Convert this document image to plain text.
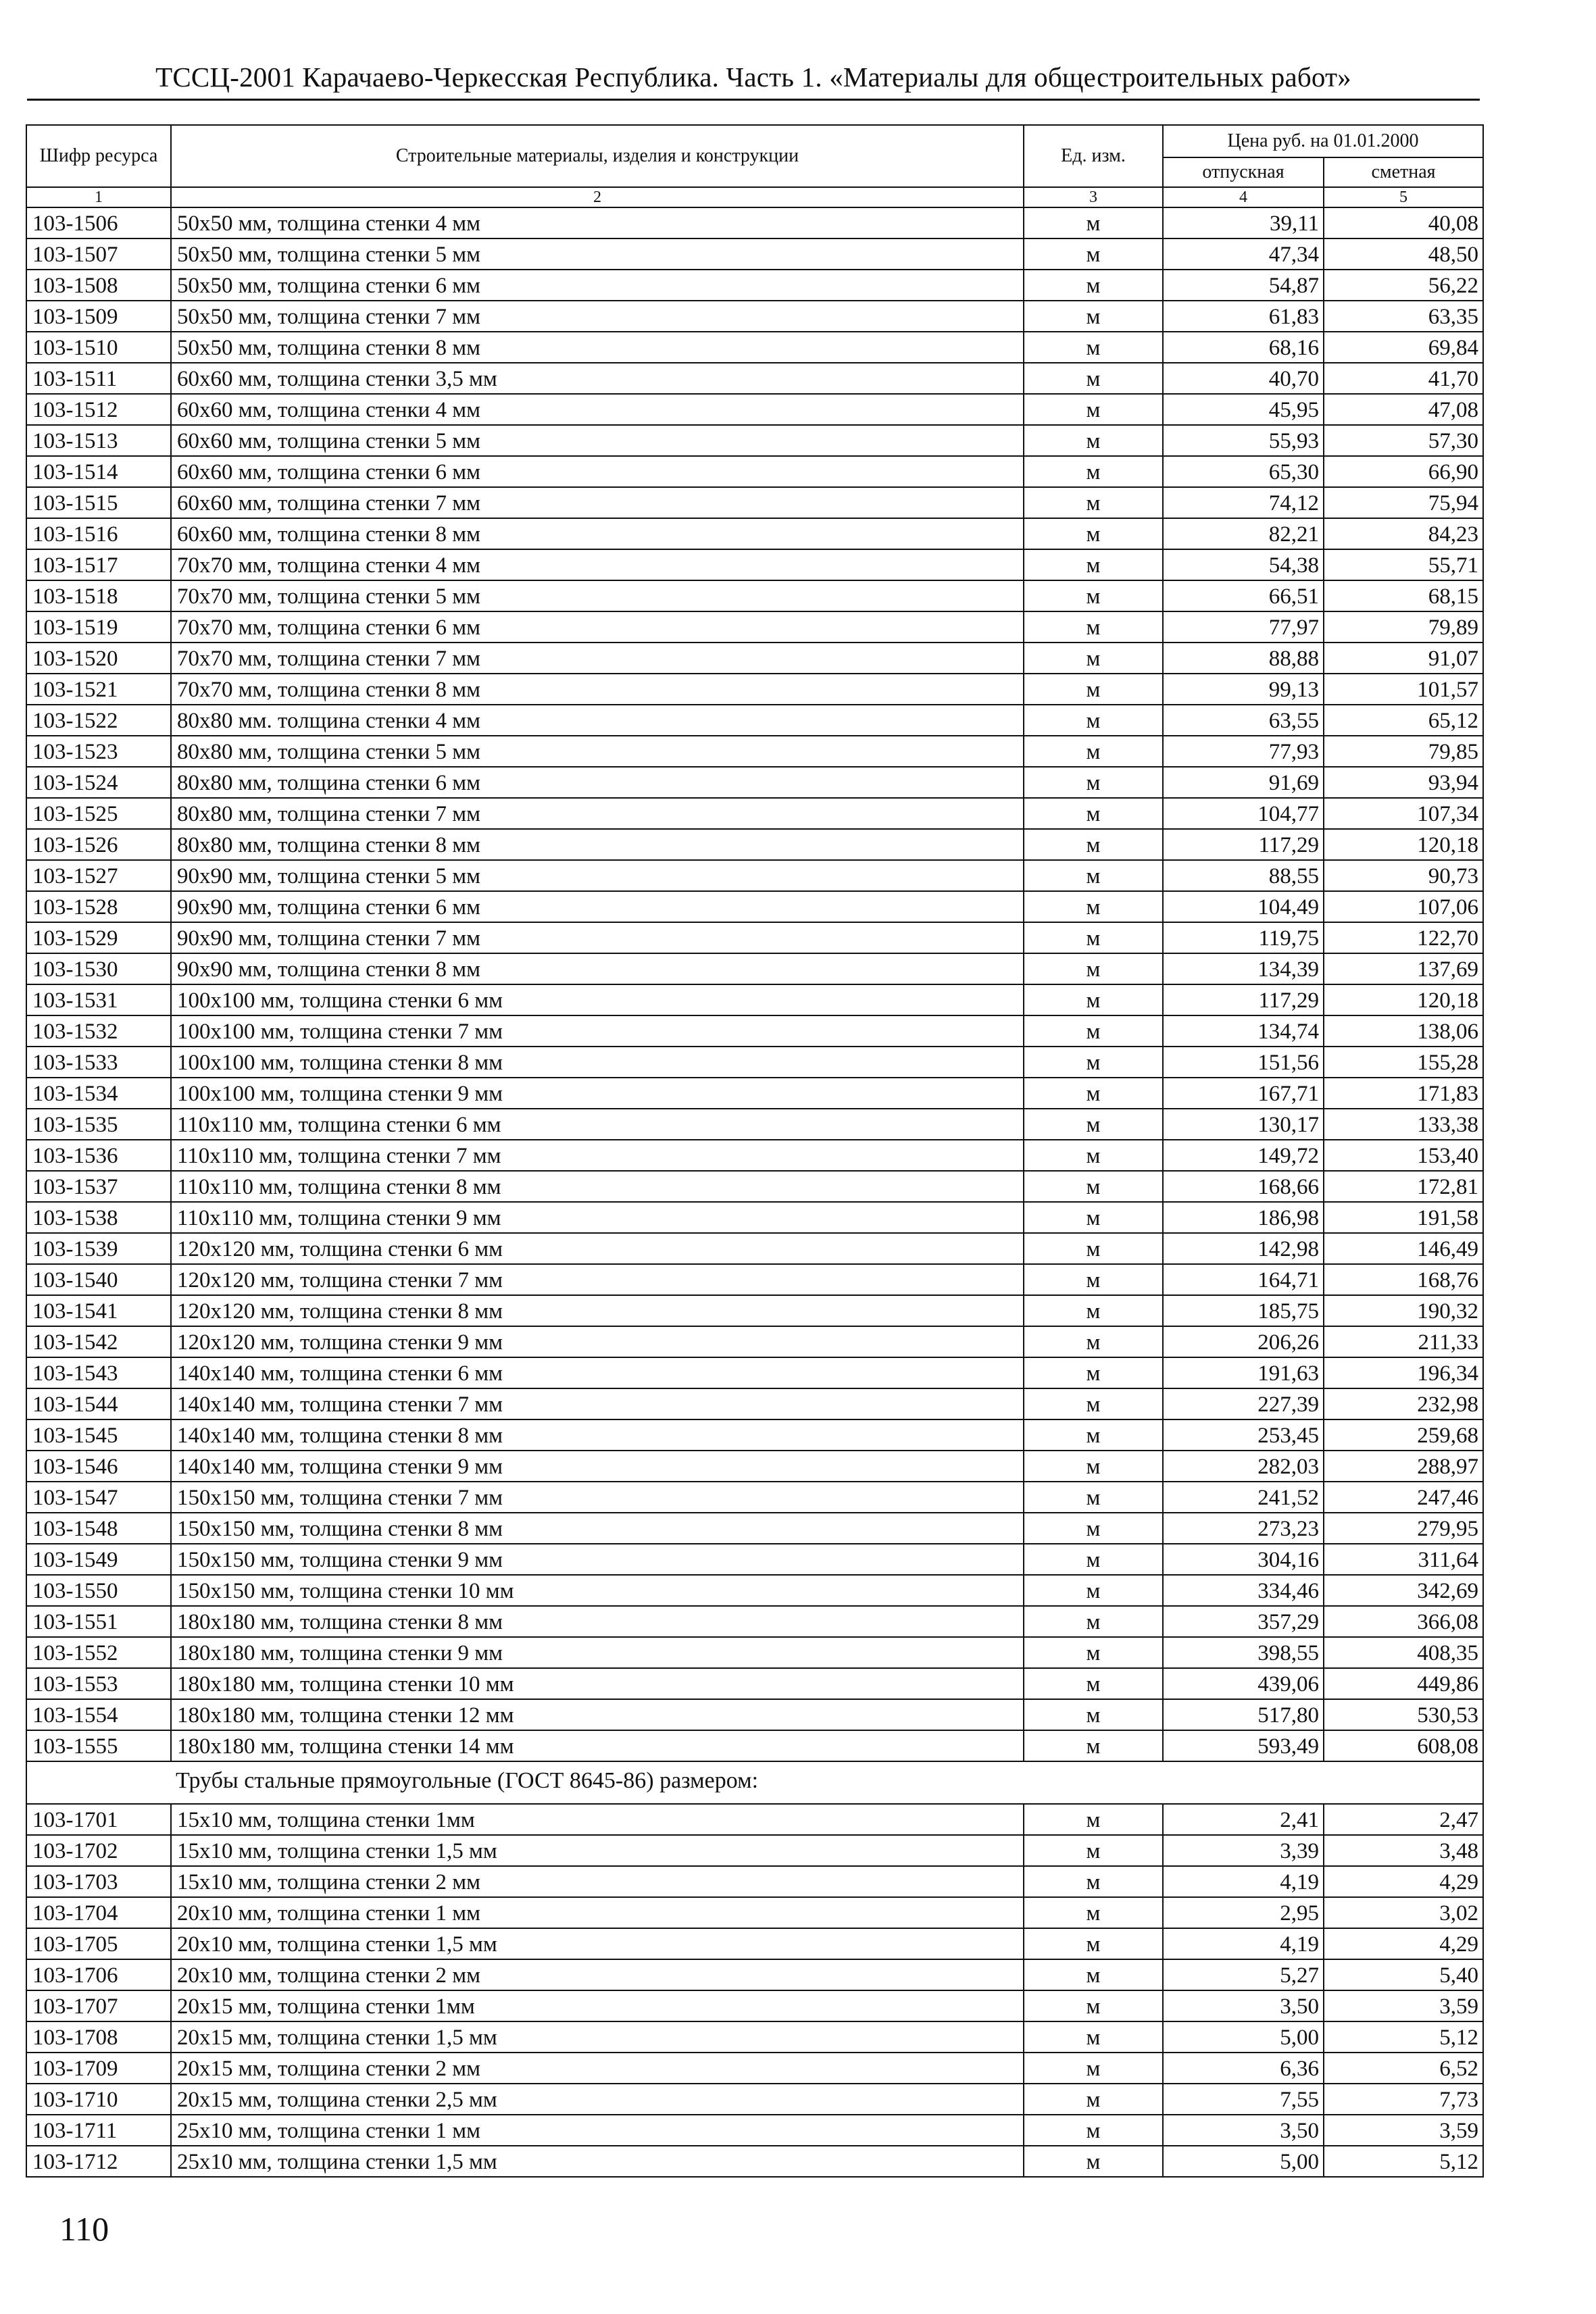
ТССЦ-2001 Карачаево-Черкесская Республика. Часть 1. «Материалы для общестроительных работ»
Шифр ресурса	Строительные материалы, изделия и конструкции	Ед. изм.	Цена руб. на 01.01.2000	
			отпускная	сметная
1	2	3	4	5
103-1506	50x50 мм, толщина стенки 4 мм	м	39,11	40,08
103-1507	50x50 мм, толщина стенки 5 мм	м	47,34	48,50
103-1508	50x50 мм, толщина стенки 6 мм	м	54,87	56,22
103-1509	50x50 мм, толщина стенки 7 мм	м	61,83	63,35
103-1510	50x50 мм, толщина стенки 8 мм	м	68,16	69,84
103-1511	60x60 мм, толщина стенки 3,5 мм	м	40,70	41,70
103-1512	60x60 мм, толщина стенки 4 мм	м	45,95	47,08
103-1513	60x60 мм, толщина стенки 5 мм	м	55,93	57,30
103-1514	60x60 мм, толщина стенки 6 мм	м	65,30	66,90
103-1515	60x60 мм, толщина стенки 7 мм	м	74,12	75,94
103-1516	60x60 мм, толщина стенки 8 мм	м	82,21	84,23
103-1517	70x70 мм, толщина стенки 4 мм	м	54,38	55,71
103-1518	70x70 мм, толщина стенки 5 мм	м	66,51	68,15
103-1519	70x70 мм, толщина стенки 6 мм	м	77,97	79,89
103-1520	70x70 мм, толщина стенки 7 мм	м	88,88	91,07
103-1521	70x70 мм, толщина стенки 8 мм	м	99,13	101,57
103-1522	80x80 мм. толщина стенки 4 мм	м	63,55	65,12
103-1523	80x80 мм, толщина стенки 5 мм	м	77,93	79,85
103-1524	80x80 мм, толщина стенки 6 мм	м	91,69	93,94
103-1525	80x80 мм, толщина стенки 7 мм	м	104,77	107,34
103-1526	80x80 мм, толщина стенки 8 мм	м	117,29	120,18
103-1527	90x90 мм, толщина стенки 5 мм	м	88,55	90,73
103-1528	90x90 мм, толщина стенки 6 мм	м	104,49	107,06
103-1529	90x90 мм, толщина стенки 7 мм	м	119,75	122,70
103-1530	90x90 мм, толщина стенки 8 мм	м	134,39	137,69
103-1531	100x100 мм, толщина стенки 6 мм	м	117,29	120,18
103-1532	100x100 мм, толщина стенки 7 мм	м	134,74	138,06
103-1533	100x100 мм, толщина стенки 8 мм	м	151,56	155,28
103-1534	100x100 мм, толщина стенки 9 мм	м	167,71	171,83
103-1535	110x110 мм, толщина стенки 6 мм	м	130,17	133,38
103-1536	110x110 мм, толщина стенки 7 мм	м	149,72	153,40
103-1537	110x110 мм, толщина стенки 8 мм	м	168,66	172,81
103-1538	110x110 мм, толщина стенки 9 мм	м	186,98	191,58
103-1539	120x120 мм, толщина стенки 6 мм	м	142,98	146,49
103-1540	120x120 мм, толщина стенки 7 мм	м	164,71	168,76
103-1541	120x120 мм, толщина стенки 8 мм	м	185,75	190,32
103-1542	120x120 мм, толщина стенки 9 мм	м	206,26	211,33
103-1543	140x140 мм, толщина стенки 6 мм	м	191,63	196,34
103-1544	140x140 мм, толщина стенки 7 мм	м	227,39	232,98
103-1545	140x140 мм, толщина стенки 8 мм	м	253,45	259,68
103-1546	140x140 мм, толщина стенки 9 мм	м	282,03	288,97
103-1547	150x150 мм, толщина стенки 7 мм	м	241,52	247,46
103-1548	150x150 мм, толщина стенки 8 мм	м	273,23	279,95
103-1549	150x150 мм, толщина стенки 9 мм	м	304,16	311,64
103-1550	150x150 мм, толщина стенки 10 мм	м	334,46	342,69
103-1551	180x180 мм, толщина стенки 8 мм	м	357,29	366,08
103-1552	180x180 мм, толщина стенки 9 мм	м	398,55	408,35
103-1553	180x180 мм, толщина стенки 10 мм	м	439,06	449,86
103-1554	180x180 мм, толщина стенки 12 мм	м	517,80	530,53
103-1555	180x180 мм, толщина стенки 14 мм	м	593,49	608,08
Трубы стальные прямоугольные (ГОСТ 8645-86) размером:				
103-1701	15x10 мм, толщина стенки 1мм	м	2,41	2,47
103-1702	15x10 мм, толщина стенки 1,5 мм	м	3,39	3,48
103-1703	15x10 мм, толщина стенки 2 мм	м	4,19	4,29
103-1704	20x10 мм, толщина стенки 1 мм	м	2,95	3,02
103-1705	20x10 мм, толщина стенки 1,5 мм	м	4,19	4,29
103-1706	20x10 мм, толщина стенки 2 мм	м	5,27	5,40
103-1707	20x15 мм, толщина стенки 1мм	м	3,50	3,59
103-1708	20x15 мм, толщина стенки 1,5 мм	м	5,00	5,12
103-1709	20x15 мм, толщина стенки 2 мм	м	6,36	6,52
103-1710	20x15 мм, толщина стенки 2,5 мм	м	7,55	7,73
103-1711	25x10 мм, толщина стенки 1 мм	м	3,50	3,59
103-1712	25x10 мм, толщина стенки 1,5 мм	м	5,00	5,12
110
